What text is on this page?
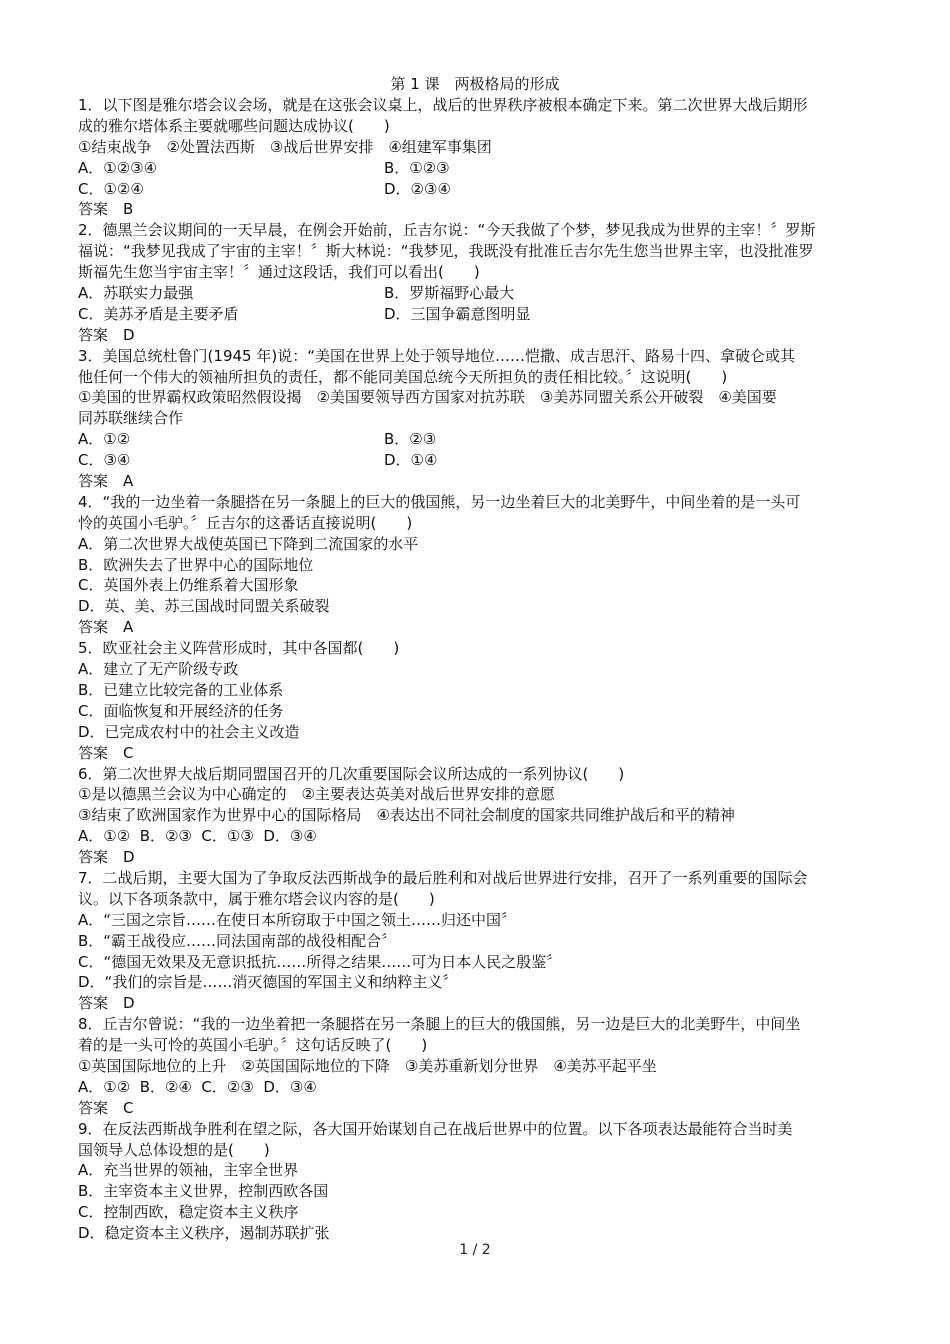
第 1 课　两极格局的形成
1．以下图是雅尔塔会议会场，就是在这张会议桌上，战后的世界秩序被根本确定下来。第二次世界大战后期形
成的雅尔塔体系主要就哪些问题达成协议(　　)
①结束战争　②处置法西斯　③战后世界安排　④组建军事集团
A．①②③④	B．①②③
C．①②④	D．②③④
答案　B
2．德黑兰会议期间的一天早晨，在例会开始前，丘吉尔说：“今天我做了个梦，梦见我成为世界的主宰！〞罗斯
福说：“我梦见我成了宇宙的主宰！〞斯大林说：“我梦见，我既没有批准丘吉尔先生您当世界主宰，也没批准罗
斯福先生您当宇宙主宰！〞通过这段话，我们可以看出(　　)
A．苏联实力最强	B．罗斯福野心最大
C．美苏矛盾是主要矛盾	D．三国争霸意图明显
答案　D
3．美国总统杜鲁门(1945 年)说：“美国在世界上处于领导地位……恺撒、成吉思汗、路易十四、拿破仑或其
他任何一个伟大的领袖所担负的责任，都不能同美国总统今天所担负的责任相比较。〞这说明(　　)
①美国的世界霸权政策昭然假设揭　②美国要领导西方国家对抗苏联　③美苏同盟关系公开破裂　④美国要
同苏联继续合作
A．①②	B．②③
C．③④	D．①④
答案　A
4．“我的一边坐着一条腿搭在另一条腿上的巨大的俄国熊，另一边坐着巨大的北美野牛，中间坐着的是一头可
怜的英国小毛驴。〞丘吉尔的这番话直接说明(　　)
A．第二次世界大战使英国已下降到二流国家的水平
B．欧洲失去了世界中心的国际地位
C．英国外表上仍维系着大国形象
D．英、美、苏三国战时同盟关系破裂
答案　A
5．欧亚社会主义阵营形成时，其中各国都(　　)
A．建立了无产阶级专政
B．已建立比较完备的工业体系
C．面临恢复和开展经济的任务
D．已完成农村中的社会主义改造
答案　C
6．第二次世界大战后期同盟国召开的几次重要国际会议所达成的一系列协议(　　)
①是以德黑兰会议为中心确定的　②主要表达英美对战后世界安排的意愿
③结束了欧洲国家作为世界中心的国际格局　④表达出不同社会制度的国家共同维护战后和平的精神
A．①②  B．②③  C．①③  D．③④
答案　D
7．二战后期，主要大国为了争取反法西斯战争的最后胜利和对战后世界进行安排，召开了一系列重要的国际会
议。以下各项条款中，属于雅尔塔会议内容的是(　　)
A．“三国之宗旨……在使日本所窃取于中国之领土……归还中国〞
B．“霸王战役应……同法国南部的战役相配合〞
C．“德国无效果及无意识抵抗……所得之结果……可为日本人民之殷鉴〞
D．“我们的宗旨是……消灭德国的军国主义和纳粹主义〞
答案　D
8．丘吉尔曾说：“我的一边坐着把一条腿搭在另一条腿上的巨大的俄国熊，另一边是巨大的北美野牛，中间坐
着的是一头可怜的英国小毛驴。〞这句话反映了(　　)
①英国国际地位的上升　②英国国际地位的下降　③美苏重新划分世界　④美苏平起平坐
A．①②  B．②④  C．②③  D．③④
答案　C
9．在反法西斯战争胜利在望之际，各大国开始谋划自己在战后世界中的位置。以下各项表达最能符合当时美
国领导人总体设想的是(　　)
A．充当世界的领袖，主宰全世界
B．主宰资本主义世界，控制西欧各国
C．控制西欧，稳定资本主义秩序
D．稳定资本主义秩序，遏制苏联扩张
1 / 2
